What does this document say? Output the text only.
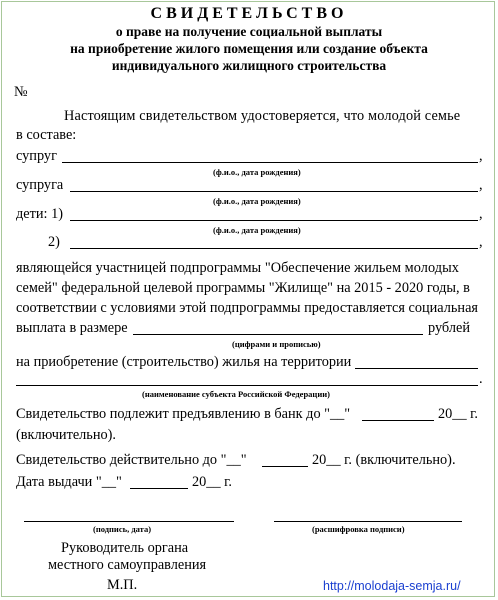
СВИДЕТЕЛЬСТВО
о праве на получение социальной выплаты
на приобретение жилого помещения или создание объекта
индивидуального жилищного строительства
№
Настоящим свидетельством удостоверяется, что молодой семье
в составе:
супруг	,
(ф.и.о., дата рождения)
супруга	,
(ф.и.о., дата рождения)
дети: 1)	,
(ф.и.о., дата рождения)
2)	,
являющейся участницей подпрограммы "Обеспечение жильем молодых
семей" федеральной целевой программы "Жилище" на 2015 - 2020 годы, в
соответствии с условиями этой подпрограммы предоставляется социальная
выплата в размере	рублей
(цифрами и прописью)
на приобретение (строительство) жилья на территории
.
(наименование субъекта Российской Федерации)
Свидетельство подлежит предъявлению в банк до "__"	20__ г.
(включительно).
Свидетельство действительно до "__"	20__ г. (включительно).
Дата выдачи "__"	20__ г.
(подпись, дата)	(расшифровка подписи)
Руководитель органа
местного самоуправления
М.П.	http://molodaja-semja.ru/
